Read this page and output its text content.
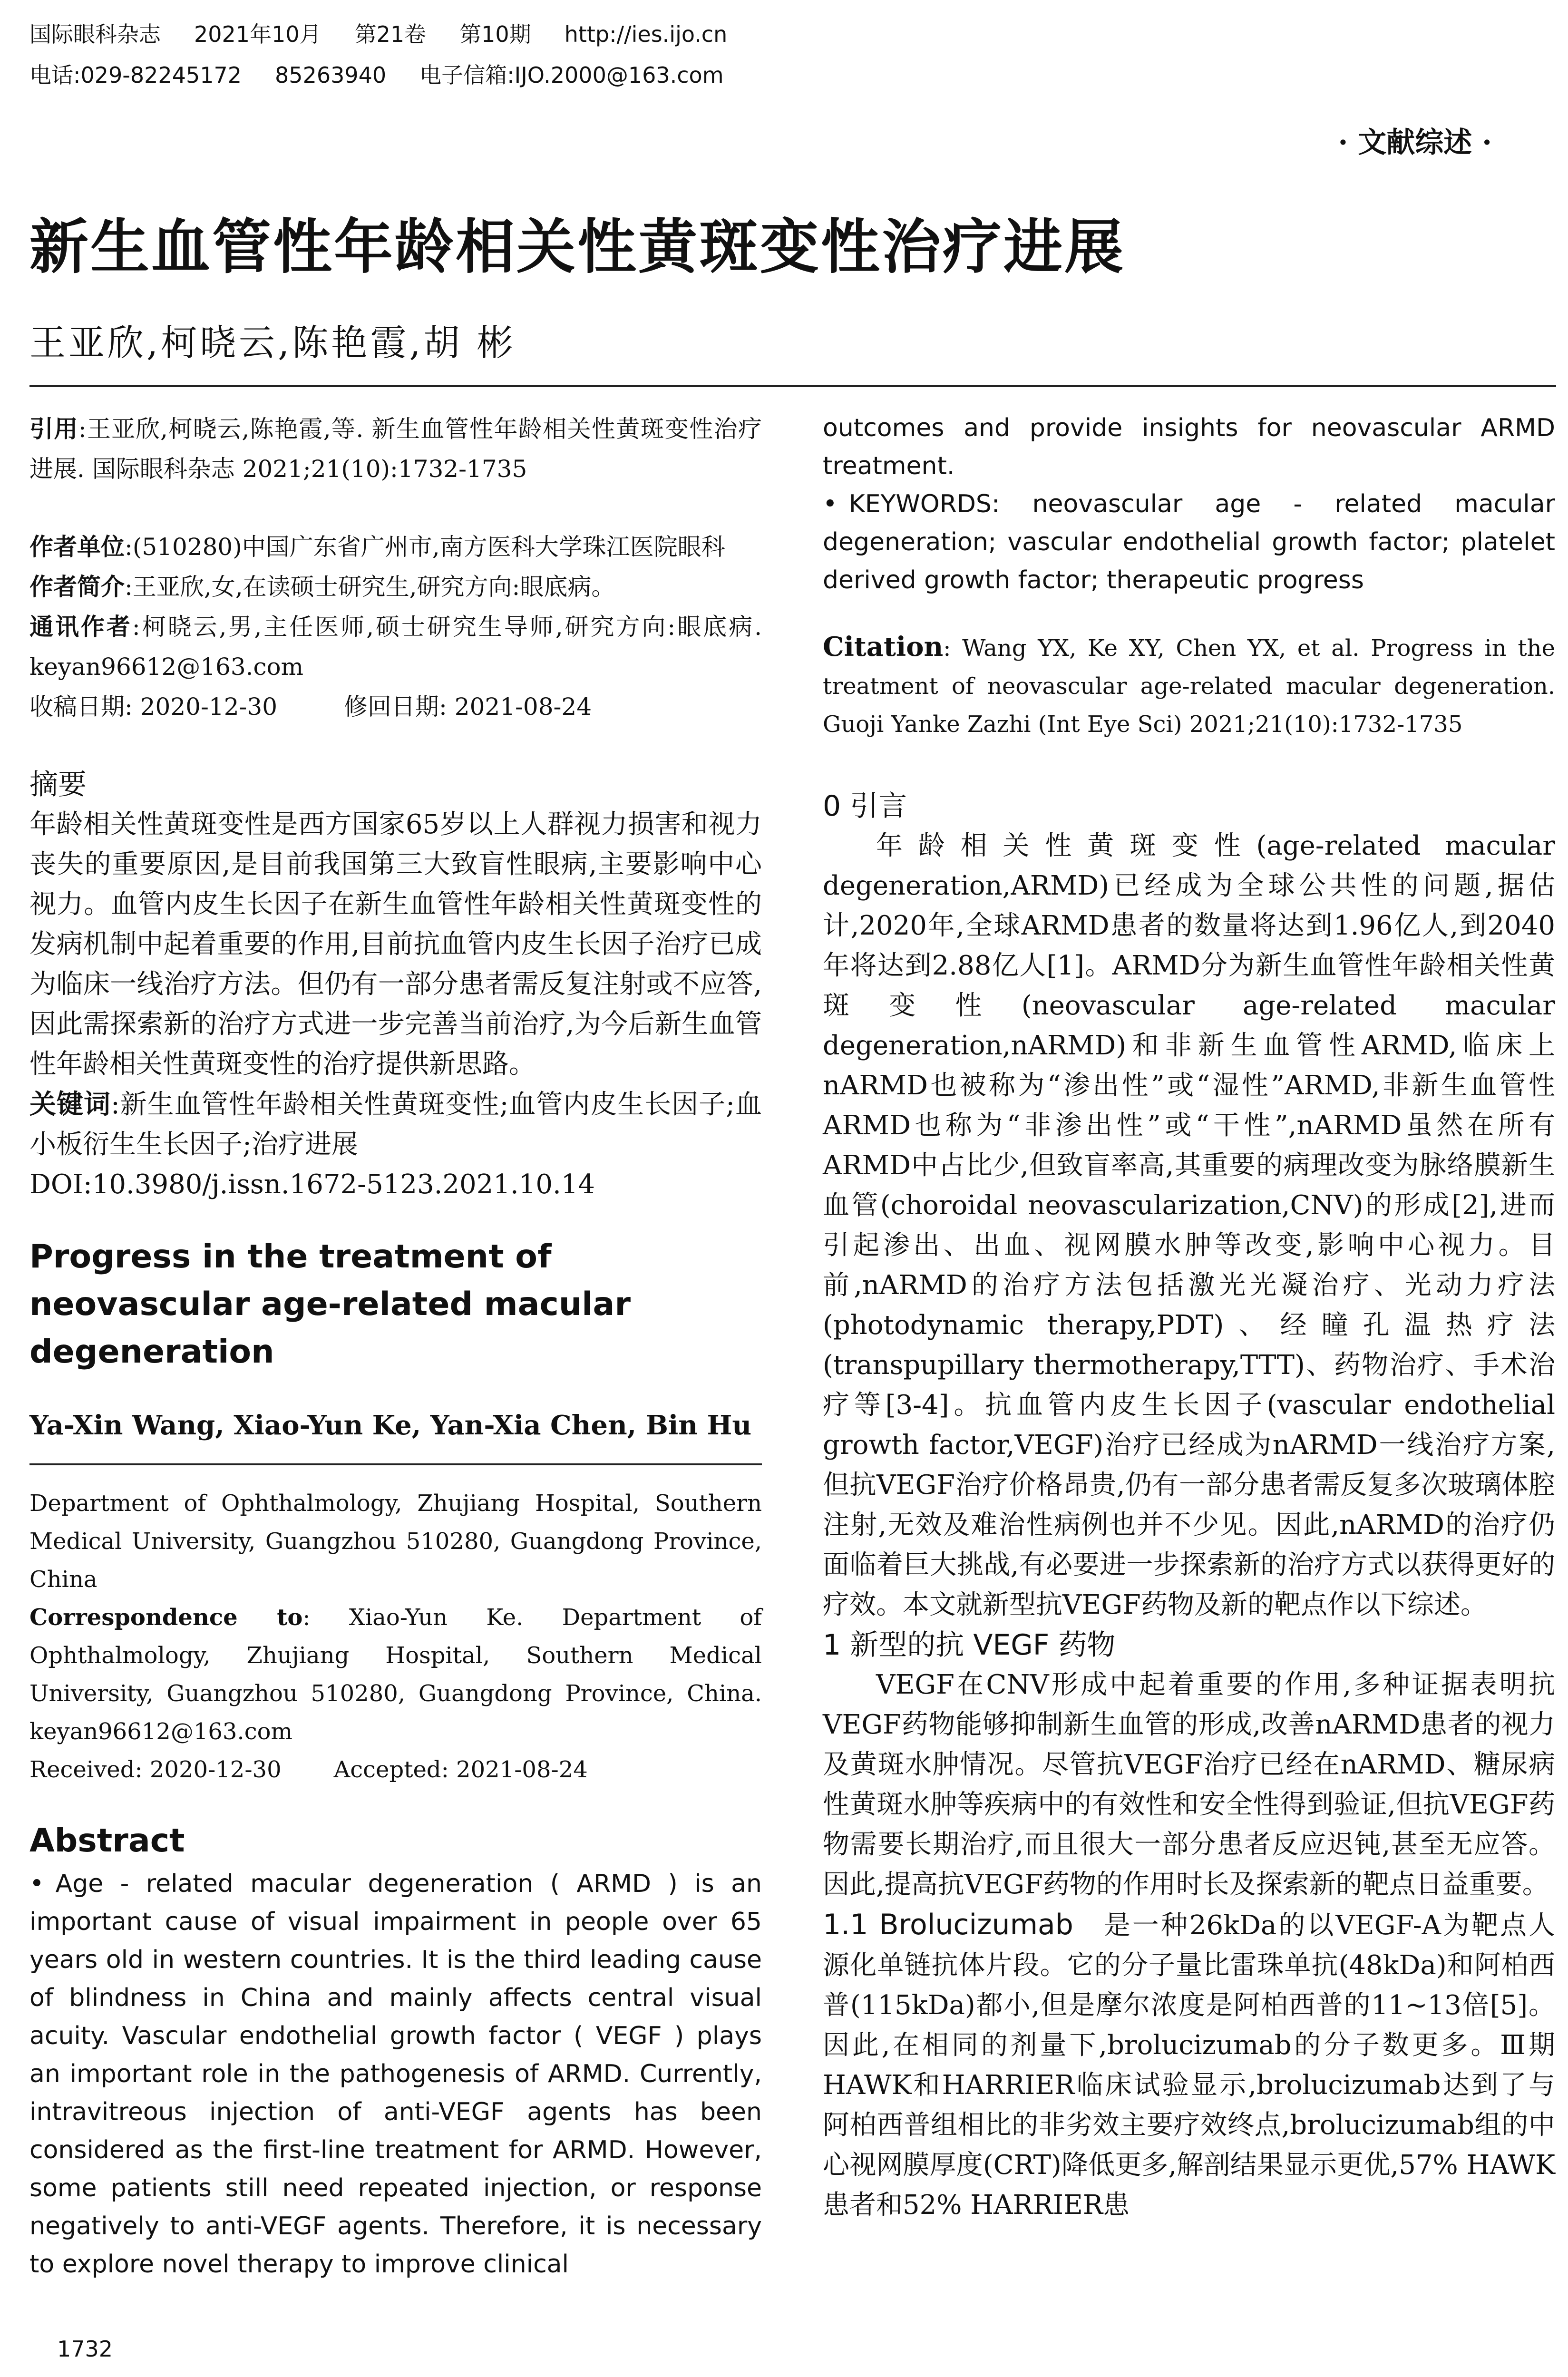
国际眼科杂志 2021年10月 第21卷 第10期 http://ies.ijo.cn
电话:029-82245172 85263940 电子信箱:IJO.2000@163.com
· 文献综述 ·
新生血管性年龄相关性黄斑变性治疗进展
王亚欣,柯晓云,陈艳霞,胡 彬

引用:王亚欣,柯晓云,陈艳霞,等. 新生血管性年龄相关性黄斑变性治疗进展. 国际眼科杂志 2021;21(10):1732-1735

作者单位:(510280)中国广东省广州市,南方医科大学珠江医院眼科

作者简介:王亚欣,女,在读硕士研究生,研究方向:眼底病。

通讯作者:柯晓云,男,主任医师,硕士研究生导师,研究方向:眼底病. keyan96612@163.com

收稿日期: 2020-12-30	修回日期: 2021-08-24

摘要

年龄相关性黄斑变性是西方国家65岁以上人群视力损害和视力丧失的重要原因,是目前我国第三大致盲性眼病,主要影响中心视力。血管内皮生长因子在新生血管性年龄相关性黄斑变性的发病机制中起着重要的作用,目前抗血管内皮生长因子治疗已成为临床一线治疗方法。但仍有一部分患者需反复注射或不应答,因此需探索新的治疗方式进一步完善当前治疗,为今后新生血管性年龄相关性黄斑变性的治疗提供新思路。

关键词:新生血管性年龄相关性黄斑变性;血管内皮生长因子;血小板衍生生长因子;治疗进展

DOI:10.3980/j.issn.1672-5123.2021.10.14

Progress in the treatment of neovascular age-related macular degeneration

Ya-Xin Wang, Xiao-Yun Ke, Yan-Xia Chen, Bin Hu

Department of Ophthalmology, Zhujiang Hospital, Southern Medical University, Guangzhou 510280, Guangdong Province, China

Correspondence to: Xiao-Yun Ke. Department of Ophthalmology, Zhujiang Hospital, Southern Medical University, Guangzhou 510280, Guangdong Province, China. keyan96612@163.com

Received: 2020-12-30 Accepted: 2021-08-24

Abstract

• Age - related macular degeneration ( ARMD ) is an important cause of visual impairment in people over 65 years old in western countries. It is the third leading cause of blindness in China and mainly affects central visual acuity. Vascular endothelial growth factor ( VEGF ) plays an important role in the pathogenesis of ARMD. Currently, intravitreous injection of anti-VEGF agents has been considered as the first-line treatment for ARMD. However, some patients still need repeated injection, or response negatively to anti-VEGF agents. Therefore, it is necessary to explore novel therapy to improve clinical

outcomes and provide insights for neovascular ARMD treatment.

• KEYWORDS: neovascular age - related macular degeneration; vascular endothelial growth factor; platelet derived growth factor; therapeutic progress

Citation: Wang YX, Ke XY, Chen YX, et al. Progress in the treatment of neovascular age-related macular degeneration. Guoji Yanke Zazhi (Int Eye Sci) 2021;21(10):1732-1735

0 引言

年龄相关性黄斑变性(age-related macular degeneration,ARMD)已经成为全球公共性的问题,据估计,2020年,全球ARMD患者的数量将达到1.96亿人,到2040年将达到2.88亿人[1]。ARMD分为新生血管性年龄相关性黄斑变性(neovascular age-related macular degeneration,nARMD)和非新生血管性ARMD,临床上nARMD也被称为“渗出性”或“湿性”ARMD,非新生血管性ARMD也称为“非渗出性”或“干性”,nARMD虽然在所有ARMD中占比少,但致盲率高,其重要的病理改变为脉络膜新生血管(choroidal neovascularization,CNV)的形成[2],进而引起渗出、出血、视网膜水肿等改变,影响中心视力。目前,nARMD的治疗方法包括激光光凝治疗、光动力疗法(photodynamic therapy,PDT)、经瞳孔温热疗法(transpupillary thermotherapy,TTT)、药物治疗、手术治疗等[3-4]。抗血管内皮生长因子(vascular endothelial growth factor,VEGF)治疗已经成为nARMD一线治疗方案,但抗VEGF治疗价格昂贵,仍有一部分患者需反复多次玻璃体腔注射,无效及难治性病例也并不少见。因此,nARMD的治疗仍面临着巨大挑战,有必要进一步探索新的治疗方式以获得更好的疗效。本文就新型抗VEGF药物及新的靶点作以下综述。

1 新型的抗 VEGF 药物

VEGF在CNV形成中起着重要的作用,多种证据表明抗VEGF药物能够抑制新生血管的形成,改善nARMD患者的视力及黄斑水肿情况。尽管抗VEGF治疗已经在nARMD、糖尿病性黄斑水肿等疾病中的有效性和安全性得到验证,但抗VEGF药物需要长期治疗,而且很大一部分患者反应迟钝,甚至无应答。因此,提高抗VEGF药物的作用时长及探索新的靶点日益重要。

1.1 Brolucizumab 是一种26kDa的以VEGF-A为靶点人源化单链抗体片段。它的分子量比雷珠单抗(48kDa)和阿柏西普(115kDa)都小,但是摩尔浓度是阿柏西普的11~13倍[5]。因此,在相同的剂量下,brolucizumab的分子数更多。Ⅲ期HAWK和HARRIER临床试验显示,brolucizumab达到了与阿柏西普组相比的非劣效主要疗效终点,brolucizumab组的中心视网膜厚度(CRT)降低更多,解剖结果显示更优,57% HAWK患者和52% HARRIER患

1732
